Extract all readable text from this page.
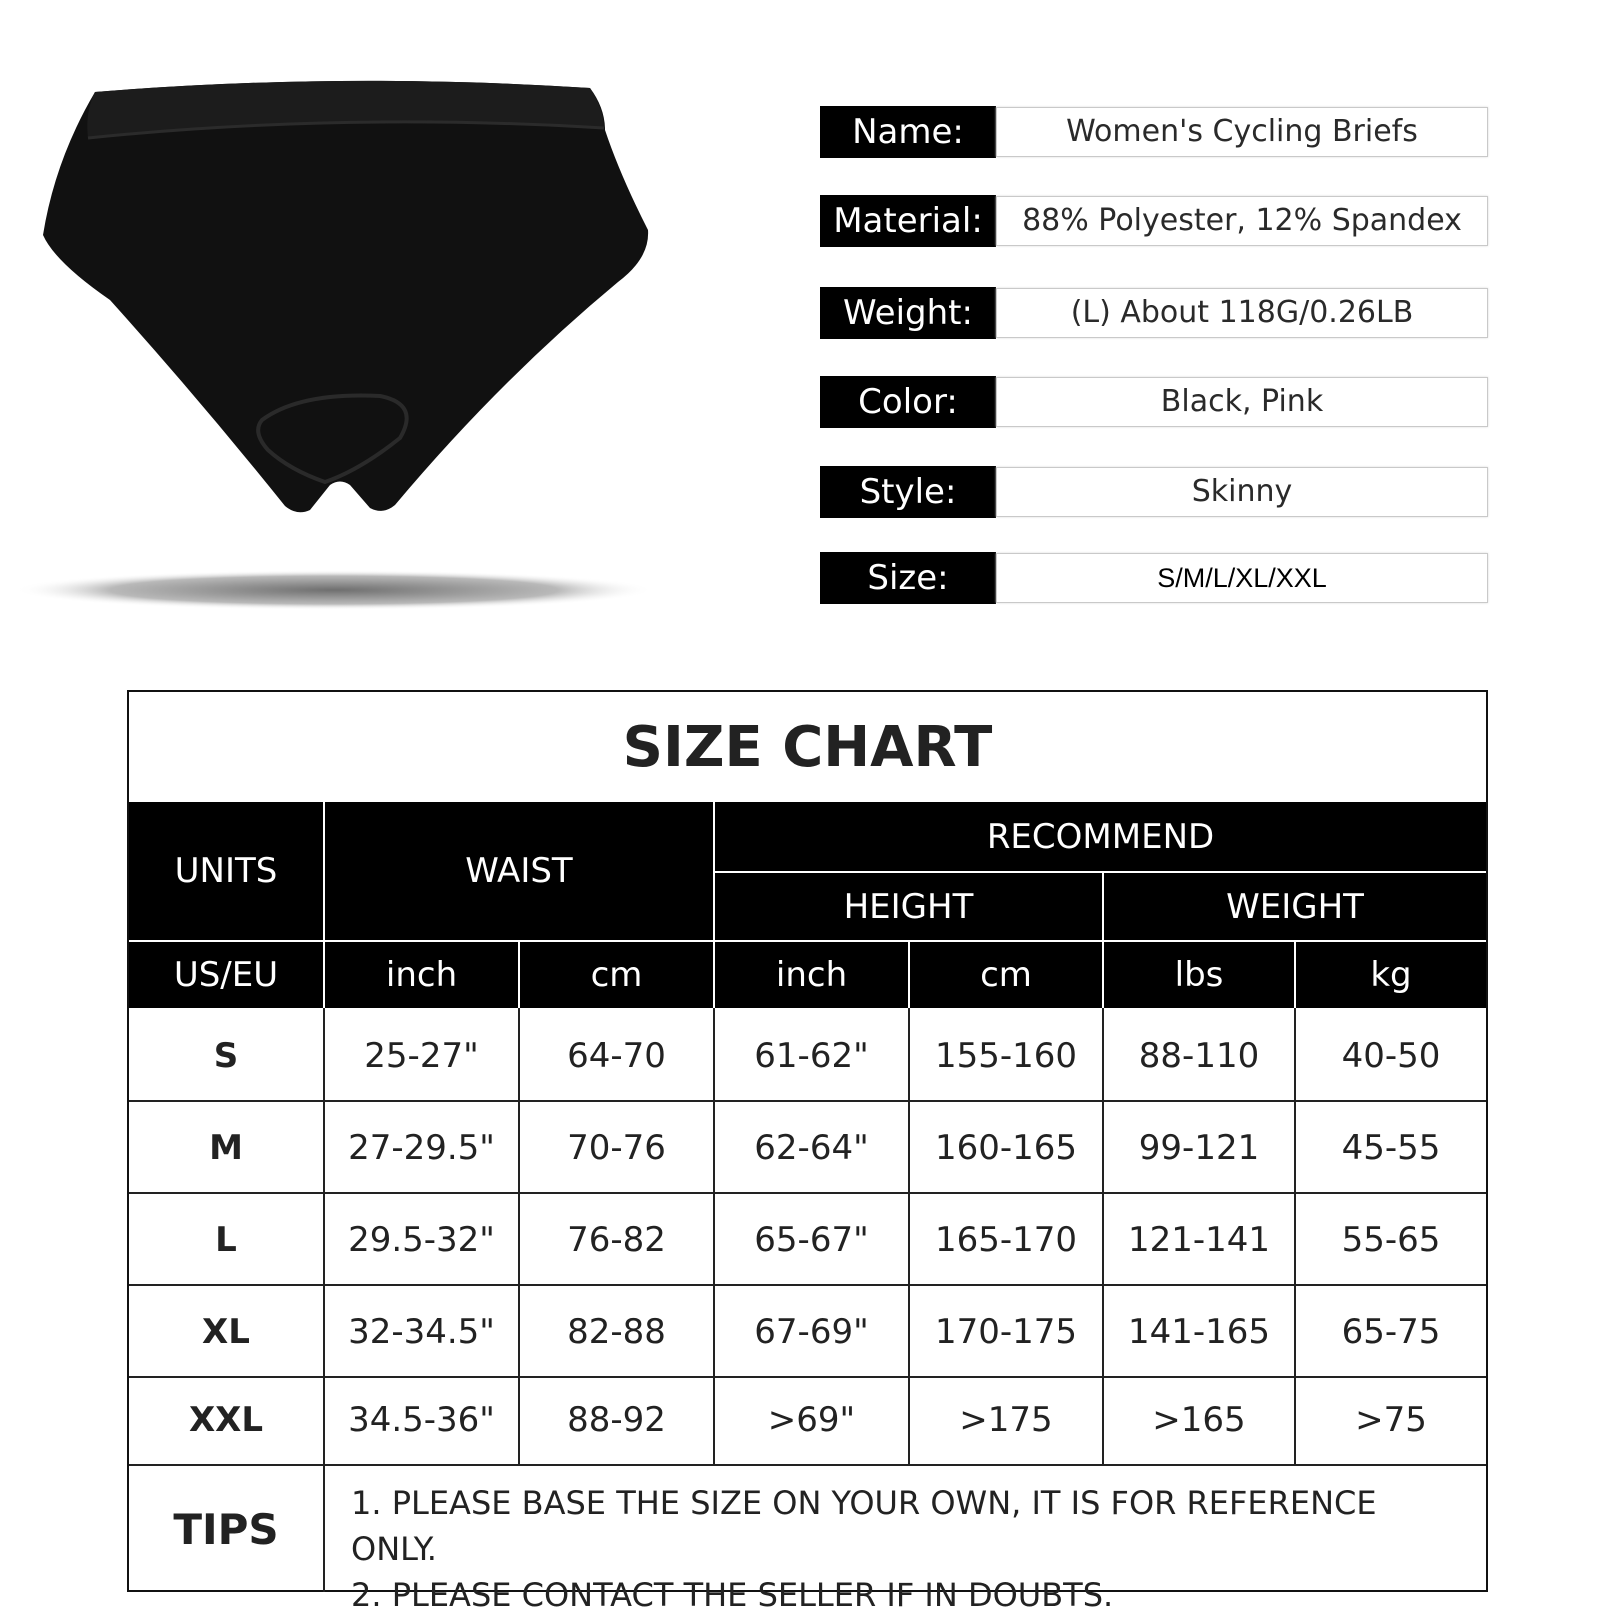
Name:	Women's Cycling Briefs
Material:	88% Polyester, 12% Spandex
Weight:	(L) About 118G/0.26LB
Color:	Black, Pink
Style:	Skinny
Size:	S/M/L/XL/XXL
SIZE CHART
UNITS	WAIST
RECOMMEND
HEIGHT	WEIGHT
US/EU	inch	cm	inch	cm	lbs	kg
S	25-27"	64-70	61-62"	155-160	88-110	40-50
M	27-29.5"	70-76	62-64"	160-165	99-121	45-55
L	29.5-32"	76-82	65-67"	165-170	121-141	55-65
XL	32-34.5"	82-88	67-69"	170-175	141-165	65-75
XXL	34.5-36"	88-92	>69"	>175	>165	>75
TIPS
1. PLEASE BASE THE SIZE ON YOUR OWN, IT IS FOR REFERENCE ONLY.
2. PLEASE CONTACT THE SELLER IF IN DOUBTS.
